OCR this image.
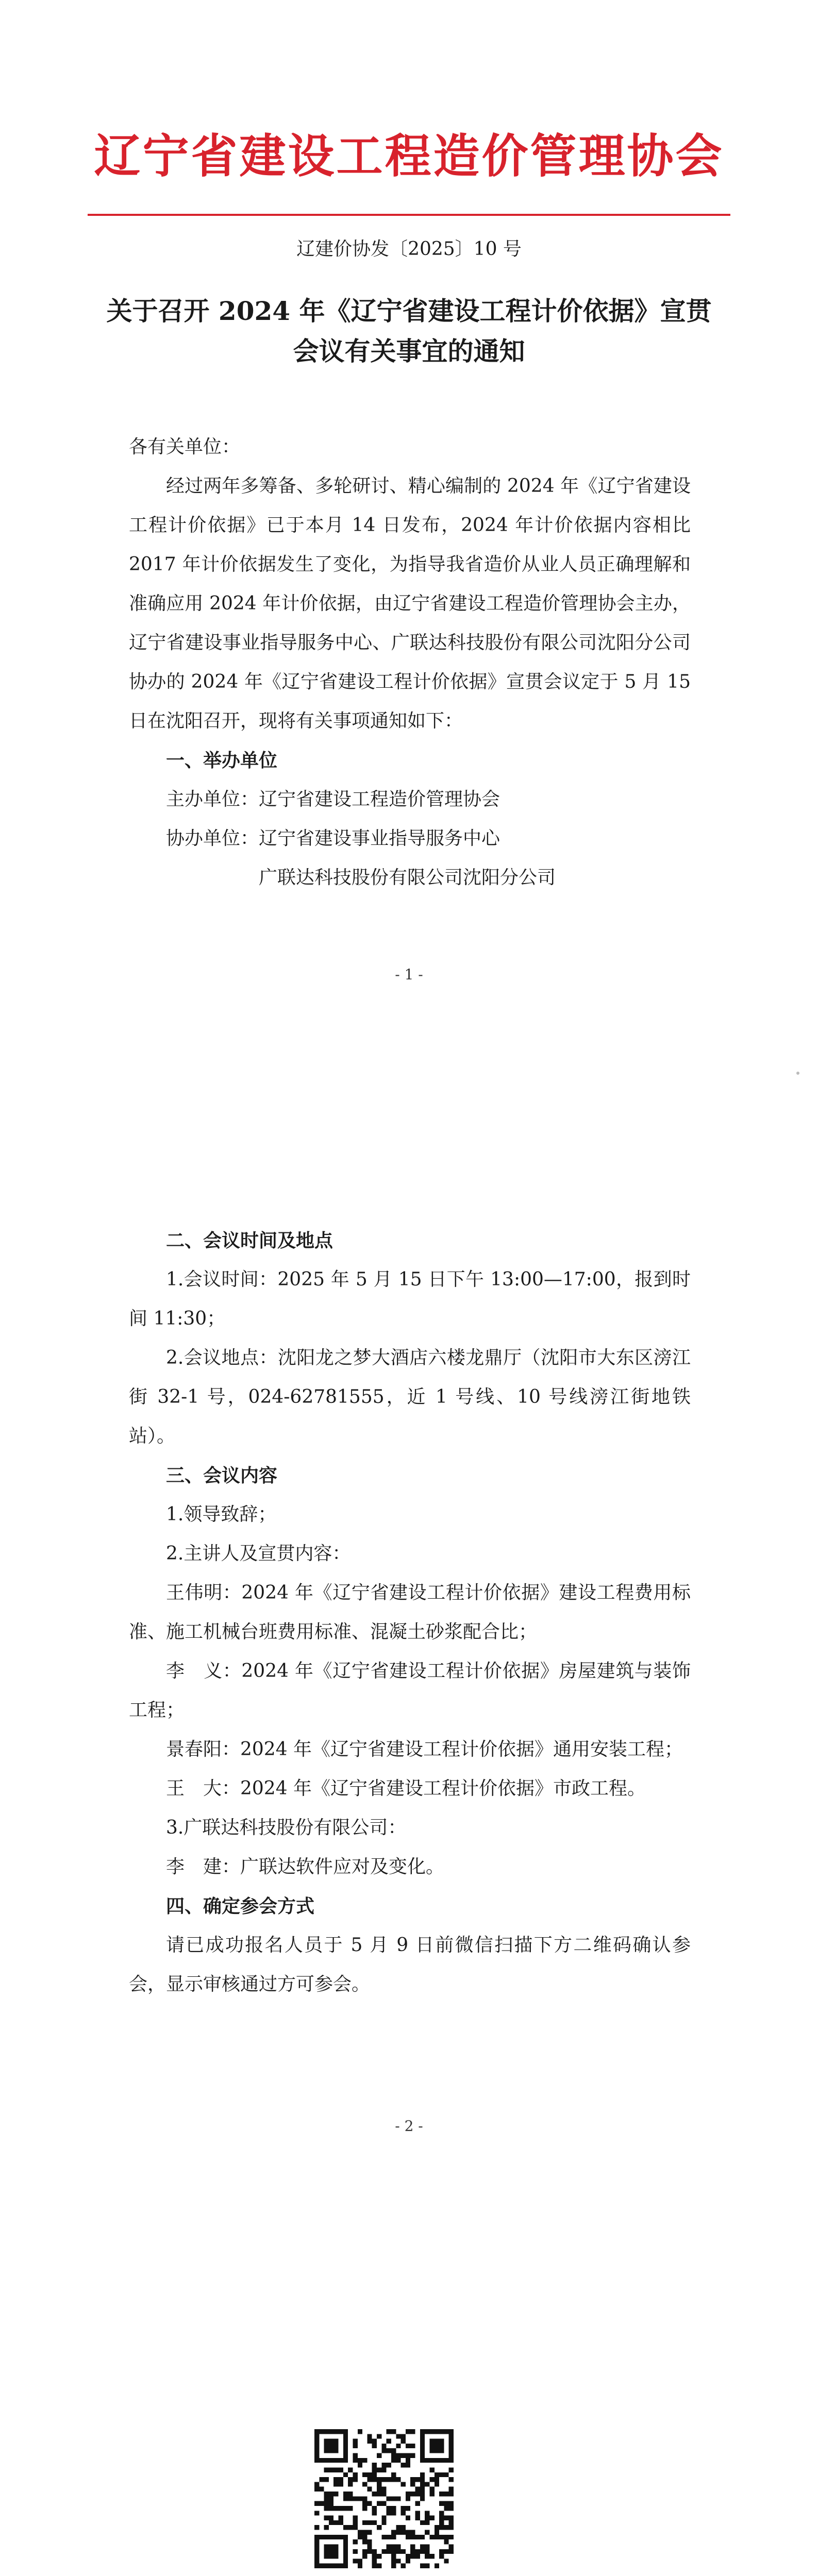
辽宁省建设工程造价管理协会
辽建价协发〔2025〕10 号
关于召开 2024 年《辽宁省建设工程计价依据》宣贯会议有关事宜的通知

各有关单位：

经过两年多筹备、多轮研讨、精心编制的 2024 年《辽宁省建设工程计价依据》已于本月 14 日发布，2024 年计价依据内容相比 2017 年计价依据发生了变化，为指导我省造价从业人员正确理解和准确应用 2024 年计价依据，由辽宁省建设工程造价管理协会主办，辽宁省建设事业指导服务中心、广联达科技股份有限公司沈阳分公司协办的 2024 年《辽宁省建设工程计价依据》宣贯会议定于 5 月 15 日在沈阳召开，现将有关事项通知如下：

一、举办单位

主办单位：辽宁省建设工程造价管理协会

协办单位：辽宁省建设事业指导服务中心

广联达科技股份有限公司沈阳分公司

- 1 -

二、会议时间及地点

1.会议时间：2025 年 5 月 15 日下午 13:00—17:00，报到时间 11:30；

2.会议地点：沈阳龙之梦大酒店六楼龙鼎厅（沈阳市大东区滂江街 32-1 号，024-62781555，近 1 号线、10 号线滂江街地铁站）。

三、会议内容

1.领导致辞；

2.主讲人及宣贯内容：

王伟明：2024 年《辽宁省建设工程计价依据》建设工程费用标准、施工机械台班费用标准、混凝土砂浆配合比；

李　义：2024 年《辽宁省建设工程计价依据》房屋建筑与装饰工程；

景春阳：2024 年《辽宁省建设工程计价依据》通用安装工程；

王　大：2024 年《辽宁省建设工程计价依据》市政工程。

3.广联达科技股份有限公司：

李　建：广联达软件应对及变化。

四、确定参会方式

请已成功报名人员于 5 月 9 日前微信扫描下方二维码确认参会，显示审核通过方可参会。

- 2 -
